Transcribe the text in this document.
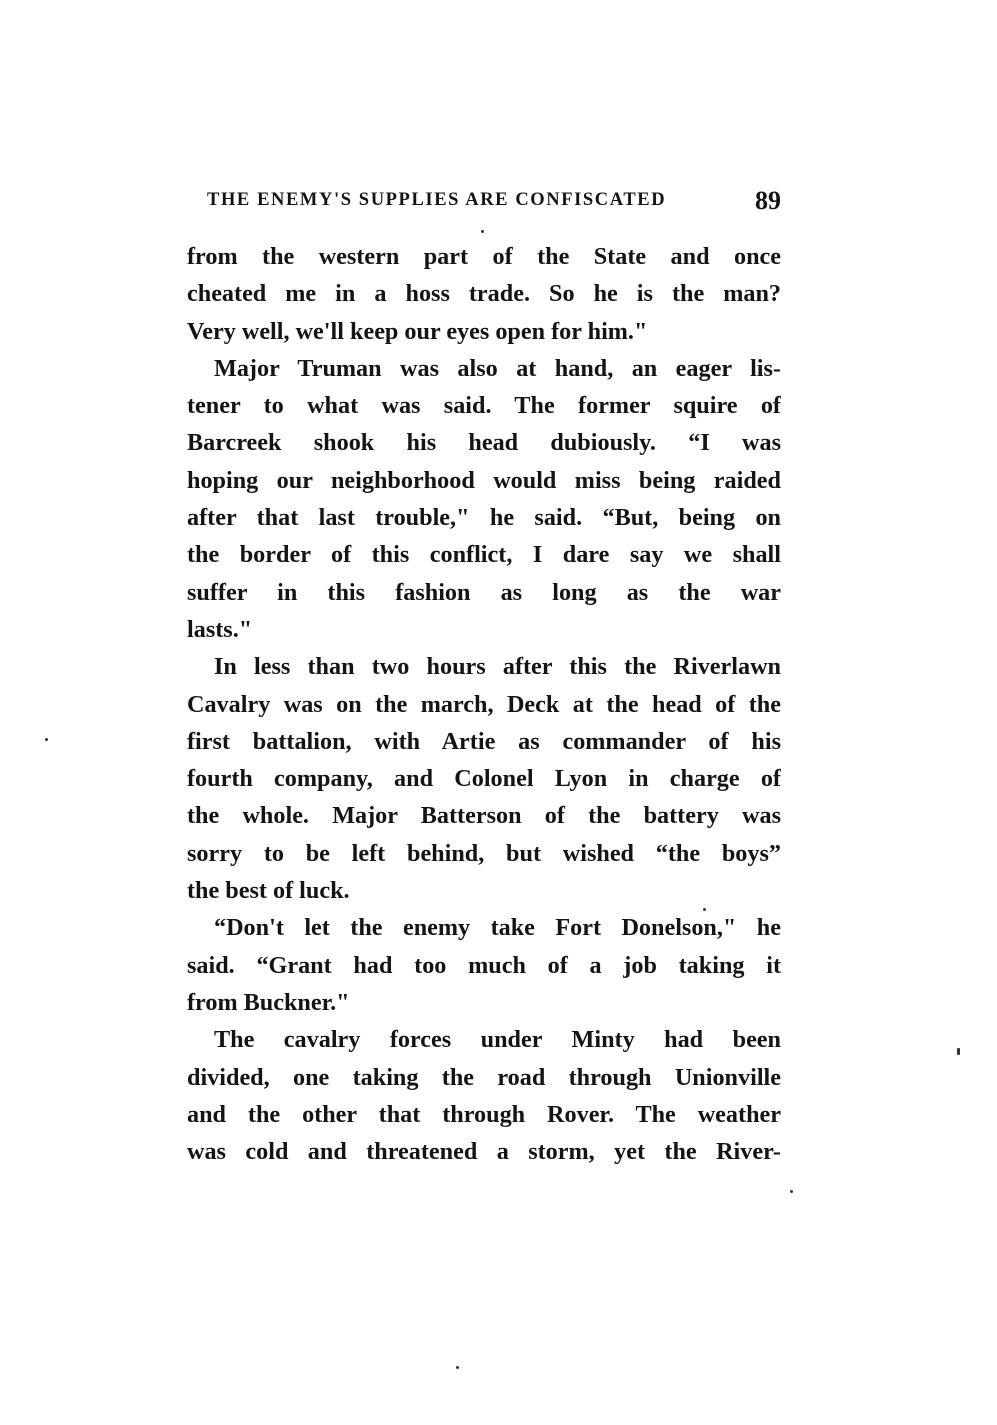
THE ENEMY'S SUPPLIES ARE CONFISCATED	89
from the western part of the State and once
cheated me in a hoss trade. So he is the man?
Very well, we'll keep our eyes open for him."
Major Truman was also at hand, an eager lis-
tener to what was said. The former squire of
Barcreek shook his head dubiously. “I was
hoping our neighborhood would miss being raided
after that last trouble," he said. “But, being on
the border of this conflict, I dare say we shall
suffer in this fashion as long as the war
lasts."
In less than two hours after this the Riverlawn
Cavalry was on the march, Deck at the head of the
first battalion, with Artie as commander of his
fourth company, and Colonel Lyon in charge of
the whole. Major Batterson of the battery was
sorry to be left behind, but wished “the boys”
the best of luck.
“Don't let the enemy take Fort Donelson," he
said. “Grant had too much of a job taking it
from Buckner."
The cavalry forces under Minty had been
divided, one taking the road through Unionville
and the other that through Rover. The weather
was cold and threatened a storm, yet the River-
